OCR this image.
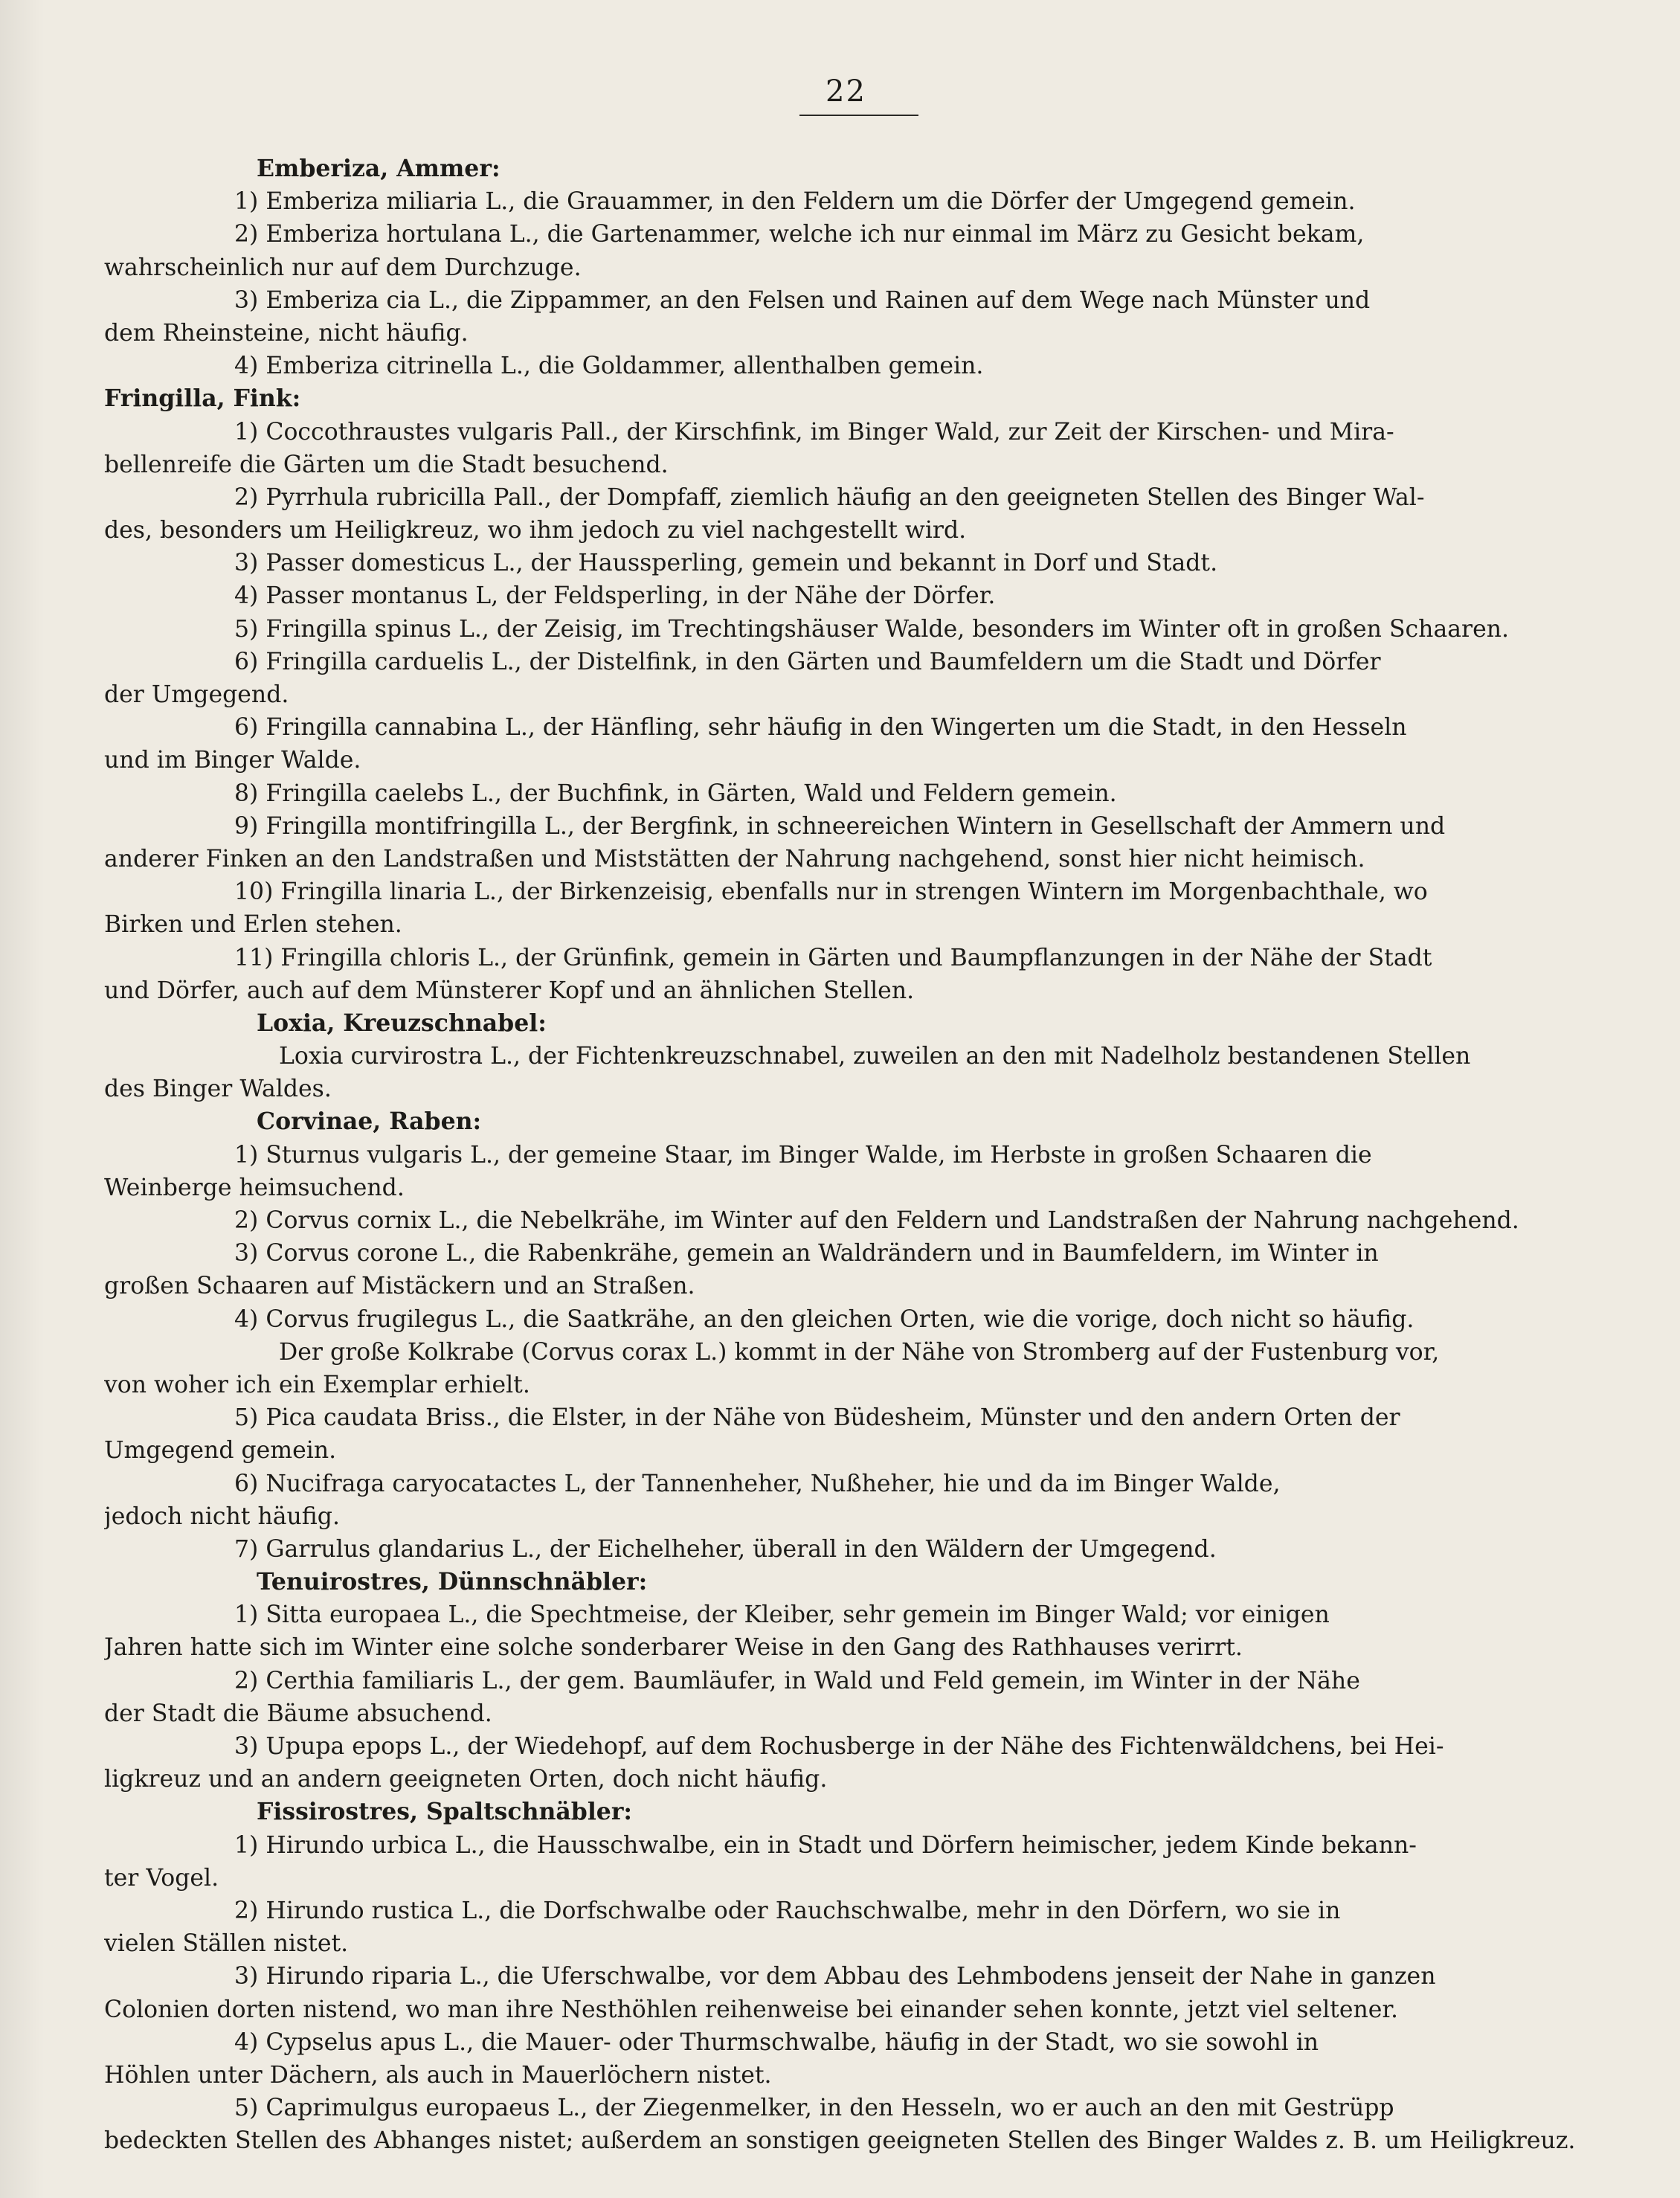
22
Emberiza, Ammer:
1) Emberiza miliaria L., die Grauammer, in den Feldern um die Dörfer der Umgegend gemein.
2) Emberiza hortulana L., die Gartenammer, welche ich nur einmal im März zu Gesicht bekam,
wahrscheinlich nur auf dem Durchzuge.
3) Emberiza cia L., die Zippammer, an den Felsen und Rainen auf dem Wege nach Münster und
dem Rheinsteine, nicht häufig.
4) Emberiza citrinella L., die Goldammer, allenthalben gemein.
Fringilla, Fink:
1) Coccothraustes vulgaris Pall., der Kirschfink, im Binger Wald, zur Zeit der Kirschen- und Mira-
bellenreife die Gärten um die Stadt besuchend.
2) Pyrrhula rubricilla Pall., der Dompfaff, ziemlich häufig an den geeigneten Stellen des Binger Wal-
des, besonders um Heiligkreuz, wo ihm jedoch zu viel nachgestellt wird.
3) Passer domesticus L., der Haussperling, gemein und bekannt in Dorf und Stadt.
4) Passer montanus L, der Feldsperling, in der Nähe der Dörfer.
5) Fringilla spinus L., der Zeisig, im Trechtingshäuser Walde, besonders im Winter oft in großen Schaaren.
6) Fringilla carduelis L., der Distelfink, in den Gärten und Baumfeldern um die Stadt und Dörfer
der Umgegend.
6) Fringilla cannabina L., der Hänfling, sehr häufig in den Wingerten um die Stadt, in den Hesseln
und im Binger Walde.
8) Fringilla caelebs L., der Buchfink, in Gärten, Wald und Feldern gemein.
9) Fringilla montifringilla L., der Bergfink, in schneereichen Wintern in Gesellschaft der Ammern und
anderer Finken an den Landstraßen und Miststätten der Nahrung nachgehend, sonst hier nicht heimisch.
10) Fringilla linaria L., der Birkenzeisig, ebenfalls nur in strengen Wintern im Morgenbachthale, wo
Birken und Erlen stehen.
11) Fringilla chloris L., der Grünfink, gemein in Gärten und Baumpflanzungen in der Nähe der Stadt
und Dörfer, auch auf dem Münsterer Kopf und an ähnlichen Stellen.
Loxia, Kreuzschnabel:
Loxia curvirostra L., der Fichtenkreuzschnabel, zuweilen an den mit Nadelholz bestandenen Stellen
des Binger Waldes.
Corvinae, Raben:
1) Sturnus vulgaris L., der gemeine Staar, im Binger Walde, im Herbste in großen Schaaren die
Weinberge heimsuchend.
2) Corvus cornix L., die Nebelkrähe, im Winter auf den Feldern und Landstraßen der Nahrung nachgehend.
3) Corvus corone L., die Rabenkrähe, gemein an Waldrändern und in Baumfeldern, im Winter in
großen Schaaren auf Mistäckern und an Straßen.
4) Corvus frugilegus L., die Saatkrähe, an den gleichen Orten, wie die vorige, doch nicht so häufig.
Der große Kolkrabe (Corvus corax L.) kommt in der Nähe von Stromberg auf der Fustenburg vor,
von woher ich ein Exemplar erhielt.
5) Pica caudata Briss., die Elster, in der Nähe von Büdesheim, Münster und den andern Orten der
Umgegend gemein.
6) Nucifraga caryocatactes L, der Tannenheher, Nußheher, hie und da im Binger Walde,
jedoch nicht häufig.
7) Garrulus glandarius L., der Eichelheher, überall in den Wäldern der Umgegend.
Tenuirostres, Dünnschnäbler:
1) Sitta europaea L., die Spechtmeise, der Kleiber, sehr gemein im Binger Wald; vor einigen
Jahren hatte sich im Winter eine solche sonderbarer Weise in den Gang des Rathhauses verirrt.
2) Certhia familiaris L., der gem. Baumläufer, in Wald und Feld gemein, im Winter in der Nähe
der Stadt die Bäume absuchend.
3) Upupa epops L., der Wiedehopf, auf dem Rochusberge in der Nähe des Fichtenwäldchens, bei Hei-
ligkreuz und an andern geeigneten Orten, doch nicht häufig.
Fissirostres, Spaltschnäbler:
1) Hirundo urbica L., die Hausschwalbe, ein in Stadt und Dörfern heimischer, jedem Kinde bekann-
ter Vogel.
2) Hirundo rustica L., die Dorfschwalbe oder Rauchschwalbe, mehr in den Dörfern, wo sie in
vielen Ställen nistet.
3) Hirundo riparia L., die Uferschwalbe, vor dem Abbau des Lehmbodens jenseit der Nahe in ganzen
Colonien dorten nistend, wo man ihre Nesthöhlen reihenweise bei einander sehen konnte, jetzt viel seltener.
4) Cypselus apus L., die Mauer- oder Thurmschwalbe, häufig in der Stadt, wo sie sowohl in
Höhlen unter Dächern, als auch in Mauerlöchern nistet.
5) Caprimulgus europaeus L., der Ziegenmelker, in den Hesseln, wo er auch an den mit Gestrüpp
bedeckten Stellen des Abhanges nistet; außerdem an sonstigen geeigneten Stellen des Binger Waldes z. B. um Heiligkreuz.
